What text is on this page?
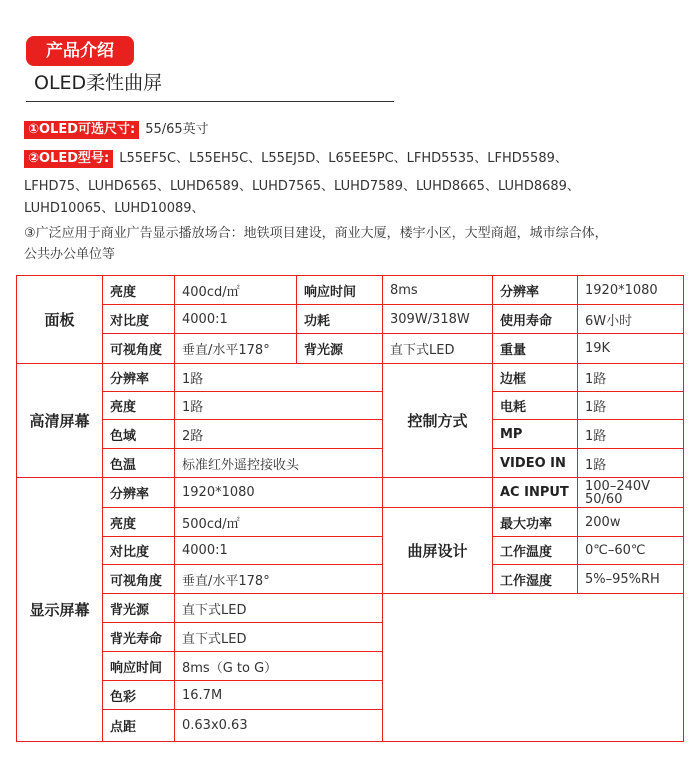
产品介绍
OLED柔性曲屏
①OLED可选尺寸: 55/65英寸
②OLED型号: L55EF5C、L55EH5C、L55EJ5D、L65EE5PC、LFHD5535、LFHD5589、
LFHD75、LUHD6565、LUHD6589、LUHD7565、LUHD7589、LUHD8665、LUHD8689、
LUHD10065、LUHD10089、
③广泛应用于商业广告显示播放场合：地铁项目建设，商业大厦，楼宇小区，大型商超，城市综合体，
公共办公单位等
面板	亮度	400cd/㎡	响应时间	8ms	分辨率	1920*1080
	对比度	4000:1	功耗	309W/318W	使用寿命	6W小时
	可视角度	垂直/水平178°	背光源	直下式LED	重量	19K
高清屏幕	分辨率	1路		控制方式	边框	1路
	亮度	1路			电耗	1路
	色域	2路			MP	1路
	色温	标准红外遥控接收头			VIDEO IN	1路
显示屏幕	分辨率	1920*1080			AC INPUT	100–240V
50/60
	亮度	500cd/㎡		曲屏设计	最大功率	200w
	对比度	4000:1			工作温度	0℃–60℃
	可视角度	垂直/水平178°			工作湿度	5%–95%RH
	背光源	直下式LED				
	背光寿命	直下式LED				
	响应时间	8ms（G to G）				
	色彩	16.7M				
	点距	0.63x0.63				
